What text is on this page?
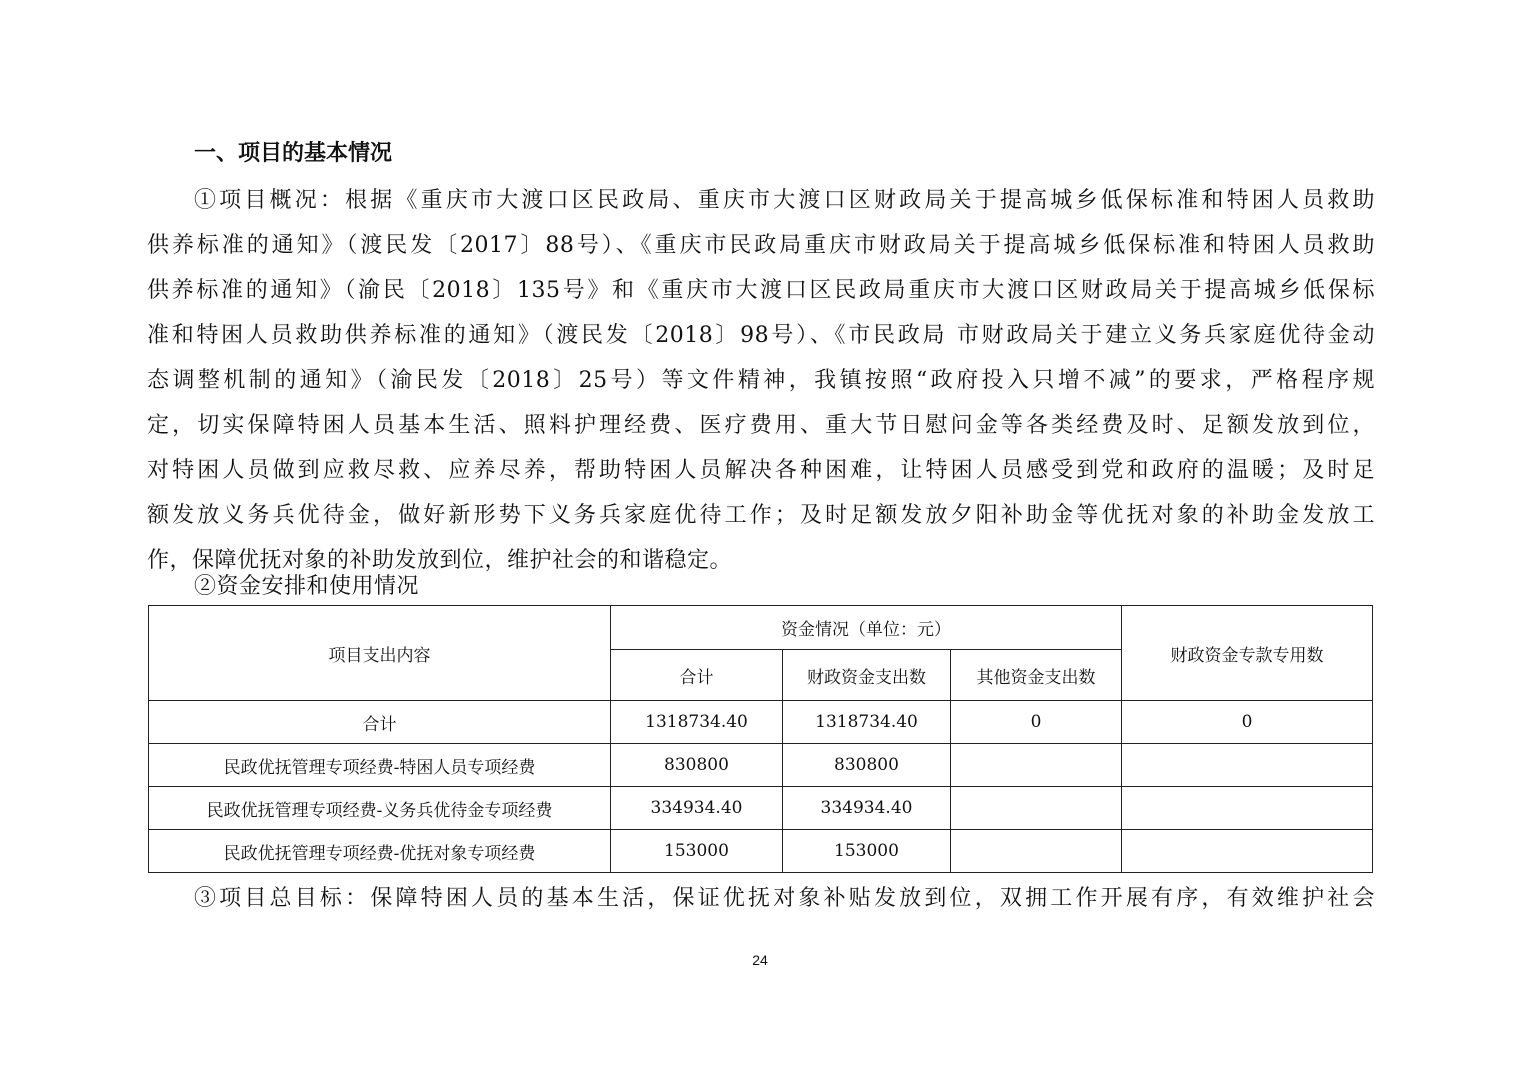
一、项目的基本情况
①项目概况：根据《重庆市大渡口区民政局、重庆市大渡口区财政局关于提高城乡低保标准和特困人员救助
供养标准的通知》（渡民发〔2017〕88号）、《重庆市民政局重庆市财政局关于提高城乡低保标准和特困人员救助
供养标准的通知》（渝民〔2018〕135号》和《重庆市大渡口区民政局重庆市大渡口区财政局关于提高城乡低保标
准和特困人员救助供养标准的通知》（渡民发〔2018〕98号）、《市民政局 市财政局关于建立义务兵家庭优待金动
态调整机制的通知》（渝民发〔2018〕25号）等文件精神，我镇按照“政府投入只增不减”的要求，严格程序规
定，切实保障特困人员基本生活、照料护理经费、医疗费用、重大节日慰问金等各类经费及时、足额发放到位，
对特困人员做到应救尽救、应养尽养，帮助特困人员解决各种困难，让特困人员感受到党和政府的温暖；及时足
额发放义务兵优待金，做好新形势下义务兵家庭优待工作；及时足额发放夕阳补助金等优抚对象的补助金发放工
作，保障优抚对象的补助发放到位，维护社会的和谐稳定。
②资金安排和使用情况
项目支出内容	资金情况（单位：元）			财政资金专款专用数
	合计	财政资金支出数	其他资金支出数	
合计	1318734.40	1318734.40	0	0
民政优抚管理专项经费-特困人员专项经费	830800	830800		
民政优抚管理专项经费-义务兵优待金专项经费	334934.40	334934.40		
民政优抚管理专项经费-优抚对象专项经费	153000	153000		
③项目总目标：保障特困人员的基本生活，保证优抚对象补贴发放到位，双拥工作开展有序，有效维护社会
24
